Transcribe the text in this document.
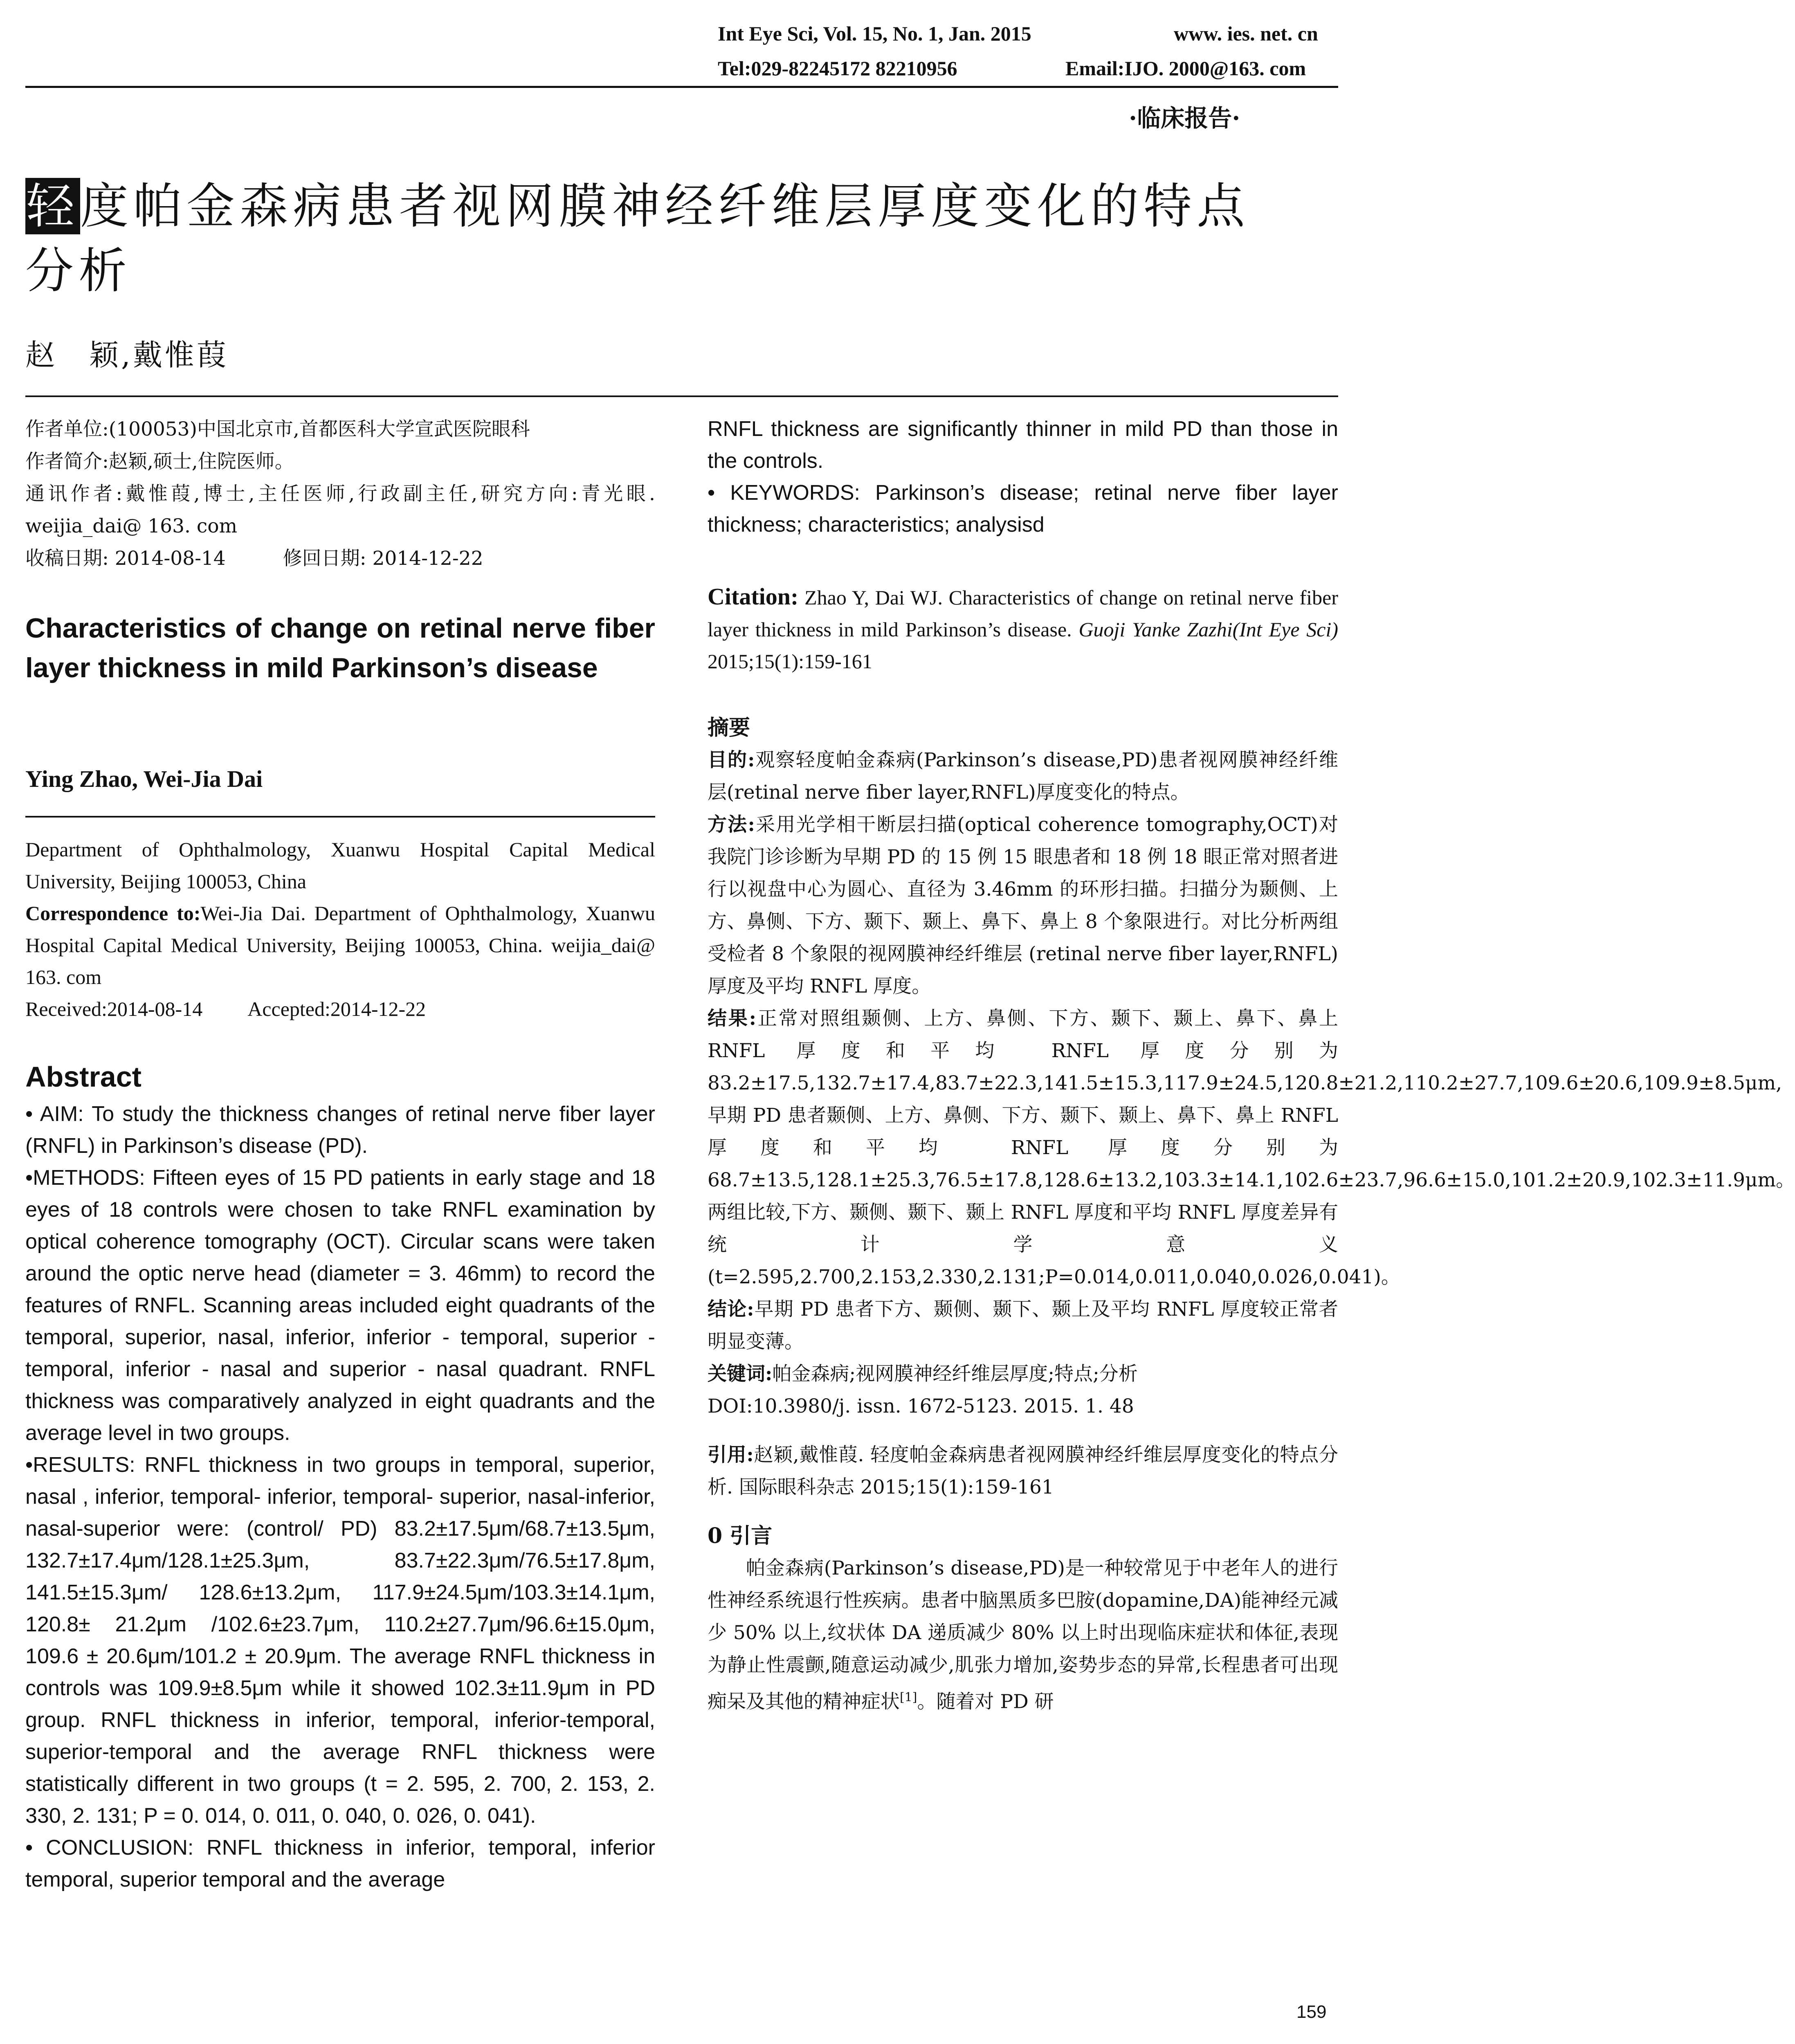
Int Eye Sci, Vol. 15, No. 1, Jan. 2015	www. ies. net. cn
Tel:029-82245172 82210956	Email:IJO. 2000@163. com
·临床报告·
轻度帕金森病患者视网膜神经纤维层厚度变化的特点
分析
赵　颖,戴惟葭

作者单位:(100053)中国北京市,首都医科大学宣武医院眼科

作者简介:赵颖,硕士,住院医师。

通讯作者:戴惟葭,博士,主任医师,行政副主任,研究方向:青光眼. weijia_dai@ 163. com

收稿日期: 2014-08-14	修回日期: 2014-12-22

Characteristics of change on retinal nerve fiber layer thickness in mild Parkinson’s disease
Ying Zhao, Wei-Jia Dai

Department of Ophthalmology, Xuanwu Hospital Capital Medical University, Beijing 100053, China

Correspondence to:Wei-Jia Dai. Department of Ophthalmology, Xuanwu Hospital Capital Medical University, Beijing 100053, China. weijia_dai@ 163. com

Received:2014-08-14 Accepted:2014-12-22

Abstract

• AIM: To study the thickness changes of retinal nerve fiber layer (RNFL) in Parkinson’s disease (PD).

•METHODS: Fifteen eyes of 15 PD patients in early stage and 18 eyes of 18 controls were chosen to take RNFL examination by optical coherence tomography (OCT). Circular scans were taken around the optic nerve head (diameter = 3. 46mm) to record the features of RNFL. Scanning areas included eight quadrants of the temporal, superior, nasal, inferior, inferior - temporal, superior - temporal, inferior - nasal and superior - nasal quadrant. RNFL thickness was comparatively analyzed in eight quadrants and the average level in two groups.

•RESULTS: RNFL thickness in two groups in temporal, superior, nasal , inferior, temporal- inferior, temporal- superior, nasal-inferior, nasal-superior were: (control/ PD) 83.2±17.5μm/68.7±13.5μm, 132.7±17.4μm/128.1±25.3μm, 83.7±22.3μm/76.5±17.8μm, 141.5±15.3μm/ 128.6±13.2μm, 117.9±24.5μm/103.3±14.1μm, 120.8± 21.2μm /102.6±23.7μm, 110.2±27.7μm/96.6±15.0μm, 109.6 ± 20.6μm/101.2 ± 20.9μm. The average RNFL thickness in controls was 109.9±8.5μm while it showed 102.3±11.9μm in PD group. RNFL thickness in inferior, temporal, inferior-temporal, superior-temporal and the average RNFL thickness were statistically different in two groups (t = 2. 595, 2. 700, 2. 153, 2. 330, 2. 131; P = 0. 014, 0. 011, 0. 040, 0. 026, 0. 041).

• CONCLUSION: RNFL thickness in inferior, temporal, inferior temporal, superior temporal and the average

RNFL thickness are significantly thinner in mild PD than those in the controls.

• KEYWORDS: Parkinson’s disease; retinal nerve fiber layer thickness; characteristics; analysisd

Citation: Zhao Y, Dai WJ. Characteristics of change on retinal nerve fiber layer thickness in mild Parkinson’s disease. Guoji Yanke Zazhi(Int Eye Sci) 2015;15(1):159-161

摘要

目的:观察轻度帕金森病(Parkinson’s disease,PD)患者视网膜神经纤维层(retinal nerve fiber layer,RNFL)厚度变化的特点。

方法:采用光学相干断层扫描(optical coherence tomography,OCT)对我院门诊诊断为早期 PD 的 15 例 15 眼患者和 18 例 18 眼正常对照者进行以视盘中心为圆心、直径为 3.46mm 的环形扫描。扫描分为颞侧、上方、鼻侧、下方、颞下、颞上、鼻下、鼻上 8 个象限进行。对比分析两组受检者 8 个象限的视网膜神经纤维层 (retinal nerve fiber layer,RNFL)厚度及平均 RNFL 厚度。

结果:正常对照组颞侧、上方、鼻侧、下方、颞下、颞上、鼻下、鼻上 RNFL 厚度和平均 RNFL 厚度分别为 83.2±17.5,132.7±17.4,83.7±22.3,141.5±15.3,117.9±24.5,120.8±21.2,110.2±27.7,109.6±20.6,109.9±8.5μm,早期 PD 患者颞侧、上方、鼻侧、下方、颞下、颞上、鼻下、鼻上 RNFL 厚度和平均 RNFL 厚度分别为 68.7±13.5,128.1±25.3,76.5±17.8,128.6±13.2,103.3±14.1,102.6±23.7,96.6±15.0,101.2±20.9,102.3±11.9μm。两组比较,下方、颞侧、颞下、颞上 RNFL 厚度和平均 RNFL 厚度差异有统计学意义(t=2.595,2.700,2.153,2.330,2.131;P=0.014,0.011,0.040,0.026,0.041)。

结论:早期 PD 患者下方、颞侧、颞下、颞上及平均 RNFL 厚度较正常者明显变薄。

关键词:帕金森病;视网膜神经纤维层厚度;特点;分析

DOI:10.3980/j. issn. 1672-5123. 2015. 1. 48

引用:赵颖,戴惟葭. 轻度帕金森病患者视网膜神经纤维层厚度变化的特点分析. 国际眼科杂志 2015;15(1):159-161

0 引言

帕金森病(Parkinson’s disease,PD)是一种较常见于中老年人的进行性神经系统退行性疾病。患者中脑黑质多巴胺(dopamine,DA)能神经元减少 50% 以上,纹状体 DA 递质减少 80% 以上时出现临床症状和体征,表现为静止性震颤,随意运动减少,肌张力增加,姿势步态的异常,长程患者可出现痴呆及其他的精神症状[1]。随着对 PD 研

159
